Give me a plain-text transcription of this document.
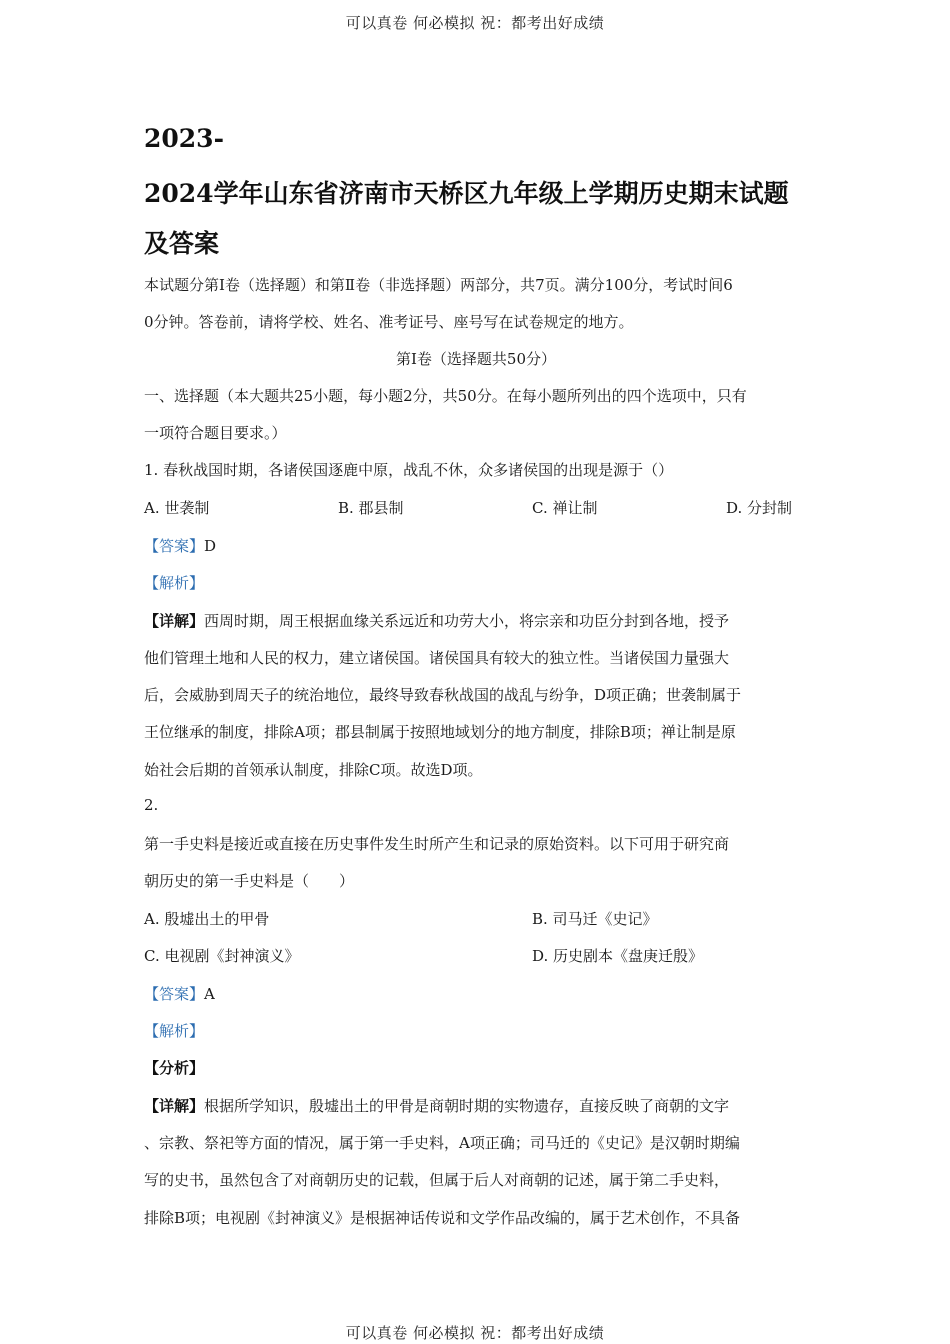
可以真卷 何必模拟 祝：都考出好成绩
2023-
2024学年山东省济南市天桥区九年级上学期历史期末试题
及答案
本试题分第Ⅰ卷（选择题）和第Ⅱ卷（非选择题）两部分，共7页。满分100分，考试时间6
0分钟。答卷前，请将学校、姓名、准考证号、座号写在试卷规定的地方。
第Ⅰ卷（选择题共50分）
一、选择题（本大题共25小题，每小题2分，共50分。在每小题所列出的四个选项中，只有
一项符合题目要求。）
1. 春秋战国时期，各诸侯国逐鹿中原，战乱不休，众多诸侯国的出现是源于（）
A. 世袭制	B. 郡县制	C. 禅让制	D. 分封制
【答案】D
【解析】
【详解】西周时期，周王根据血缘关系远近和功劳大小，将宗亲和功臣分封到各地，授予
他们管理土地和人民的权力，建立诸侯国。诸侯国具有较大的独立性。当诸侯国力量强大
后，会威胁到周天子的统治地位，最终导致春秋战国的战乱与纷争，D项正确；世袭制属于
王位继承的制度，排除A项；郡县制属于按照地域划分的地方制度，排除B项；禅让制是原
始社会后期的首领承认制度，排除C项。故选D项。
2.
第一手史料是接近或直接在历史事件发生时所产生和记录的原始资料。以下可用于研究商
朝历史的第一手史料是（　　）
A. 殷墟出土的甲骨	B. 司马迁《史记》
C. 电视剧《封神演义》	D. 历史剧本《盘庚迁殷》
【答案】A
【解析】
【分析】
【详解】根据所学知识，殷墟出土的甲骨是商朝时期的实物遗存，直接反映了商朝的文字
、宗教、祭祀等方面的情况，属于第一手史料，A项正确；司马迁的《史记》是汉朝时期编
写的史书，虽然包含了对商朝历史的记载，但属于后人对商朝的记述，属于第二手史料，
排除B项；电视剧《封神演义》是根据神话传说和文学作品改编的，属于艺术创作，不具备
可以真卷 何必模拟 祝：都考出好成绩
